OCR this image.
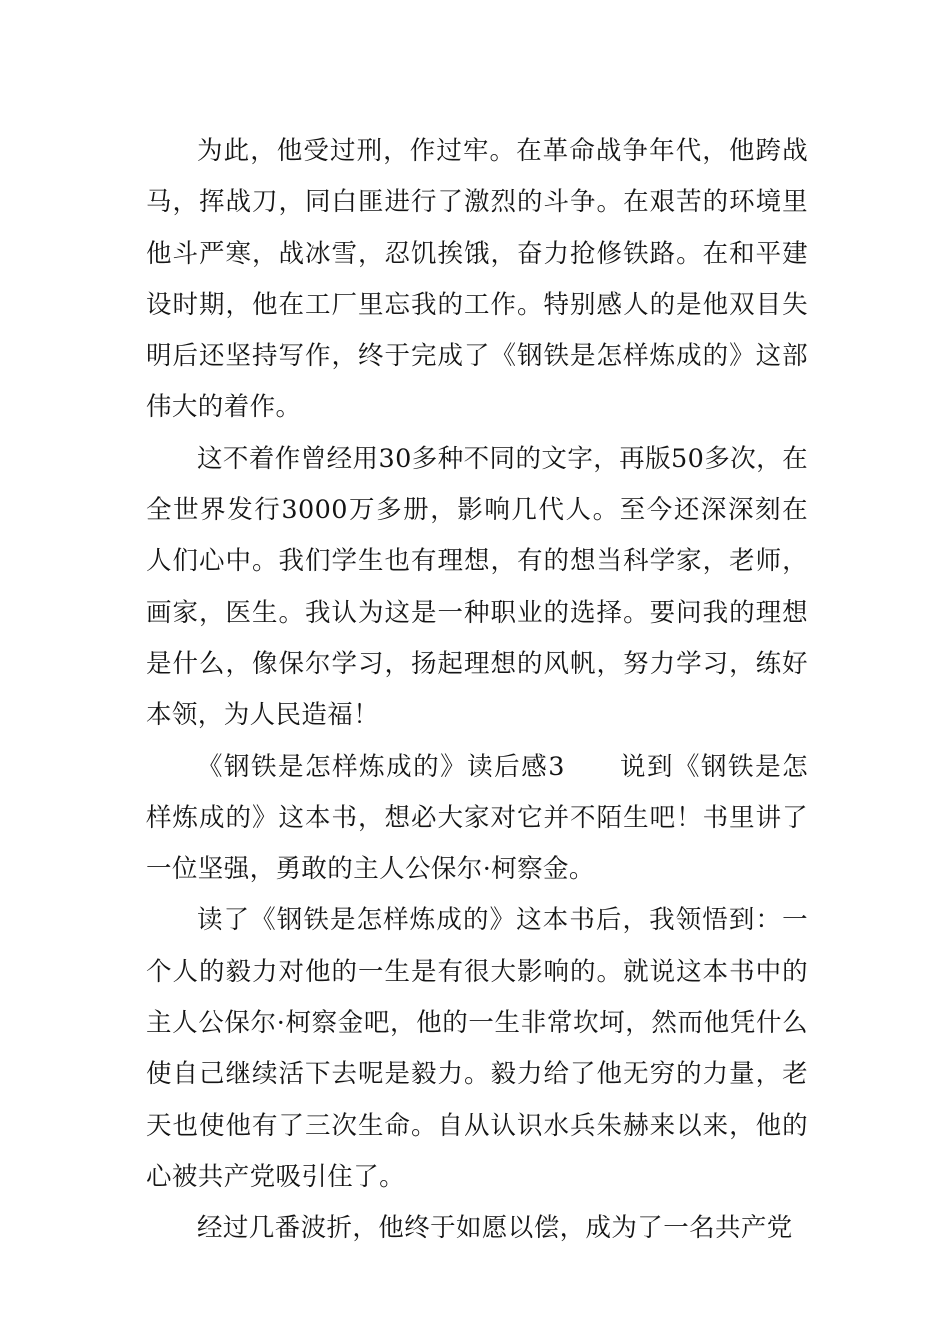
为此，他受过刑，作过牢。在革命战争年代，他跨战马，挥战刀，同白匪进行了激烈的斗争。在艰苦的环境里他斗严寒，战冰雪，忍饥挨饿，奋力抢修铁路。在和平建设时期，他在工厂里忘我的工作。特别感人的是他双目失明后还坚持写作，终于完成了《钢铁是怎样炼成的》这部伟大的着作。

这不着作曾经用30多种不同的文字，再版50多次，在全世界发行3000万多册，影响几代人。至今还深深刻在人们心中。我们学生也有理想，有的想当科学家，老师，画家，医生。我认为这是一种职业的选择。要问我的理想是什么，像保尔学习，扬起理想的风帆，努力学习，练好本领，为人民造福！

《钢铁是怎样炼成的》读后感3　　说到《钢铁是怎样炼成的》这本书，想必大家对它并不陌生吧！书里讲了一位坚强，勇敢的主人公保尔·柯察金。

读了《钢铁是怎样炼成的》这本书后，我领悟到：一个人的毅力对他的一生是有很大影响的。就说这本书中的主人公保尔·柯察金吧，他的一生非常坎坷，然而他凭什么使自己继续活下去呢是毅力。毅力给了他无穷的力量，老天也使他有了三次生命。自从认识水兵朱赫来以来，他的心被共产党吸引住了。

经过几番波折，他终于如愿以偿，成为了一名共产党
